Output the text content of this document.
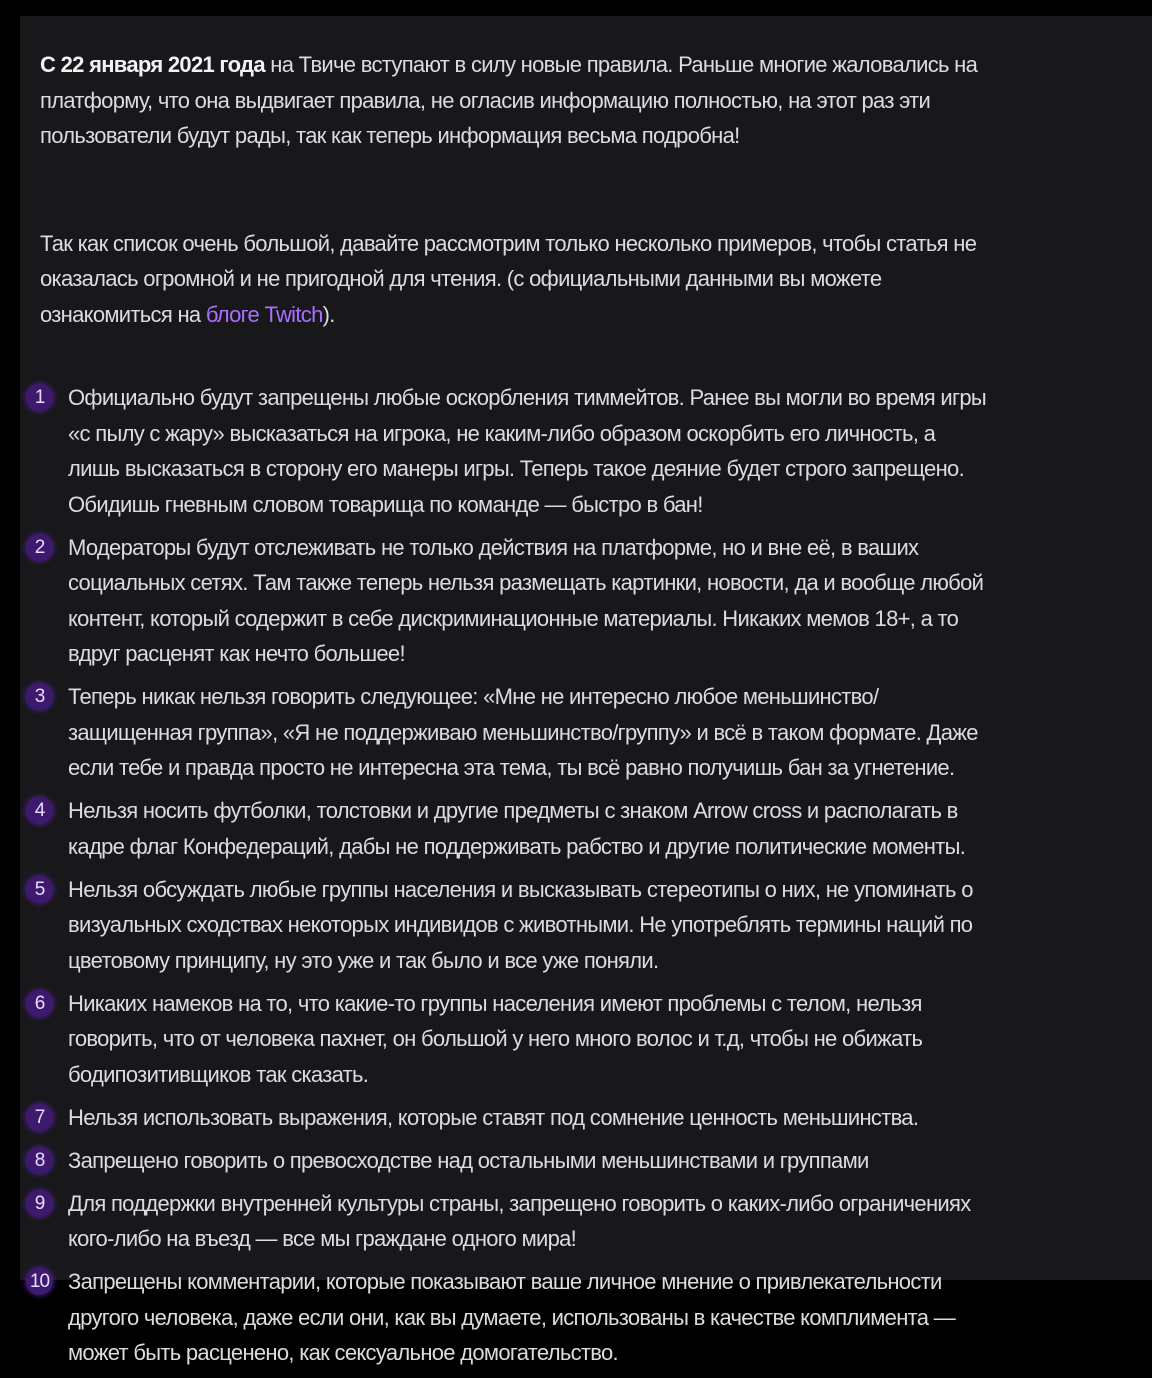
С 22 января 2021 года на Твиче вступают в силу новые правила. Раньше многие жаловались на
платформу, что она выдвигает правила, не огласив информацию полностью, на этот раз эти
пользователи будут рады, так как теперь информация весьма подробна!

Так как список очень большой, давайте рассмотрим только несколько примеров, чтобы статья не
оказалась огромной и не пригодной для чтения. (с официальными данными вы можете
ознакомиться на блоге Twitch).

1	Официально будут запрещены любые оскорбления тиммейтов. Ранее вы могли во время игры
«с пылу с жару» высказаться на игрока, не каким-либо образом оскорбить его личность, а
лишь высказаться в сторону его манеры игры. Теперь такое деяние будет строго запрещено.
Обидишь гневным словом товарища по команде — быстро в бан!
2	Модераторы будут отслеживать не только действия на платформе, но и вне её, в ваших
социальных сетях. Там также теперь нельзя размещать картинки, новости, да и вообще любой
контент, который содержит в себе дискриминационные материалы. Никаких мемов 18+, а то
вдруг расценят как нечто большее!
3	Теперь никак нельзя говорить следующее: «Мне не интересно любое меньшинство/
защищенная группа», «Я не поддерживаю меньшинство/группу» и всё в таком формате. Даже
если тебе и правда просто не интересна эта тема, ты всё равно получишь бан за угнетение.
4	Нельзя носить футболки, толстовки и другие предметы с знаком Arrow cross и располагать в
кадре флаг Конфедераций, дабы не поддерживать рабство и другие политические моменты.
5	Нельзя обсуждать любые группы населения и высказывать стереотипы о них, не упоминать о
визуальных сходствах некоторых индивидов с животными. Не употреблять термины наций по
цветовому принципу, ну это уже и так было и все уже поняли.
6	Никаких намеков на то, что какие-то группы населения имеют проблемы с телом, нельзя
говорить, что от человека пахнет, он большой у него много волос и т.д, чтобы не обижать
бодипозитивщиков так сказать.
7	Нельзя использовать выражения, которые ставят под сомнение ценность меньшинства.
8	Запрещено говорить о превосходстве над остальными меньшинствами и группами
9	Для поддержки внутренней культуры страны, запрещено говорить о каких-либо ограничениях
кого-либо на въезд — все мы граждане одного мира!
10 Запрещены комментарии, которые показывают ваше личное мнение о привлекательности
другого человека, даже если они, как вы думаете, использованы в качестве комплимента —
может быть расценено, как сексуальное домогательство.
